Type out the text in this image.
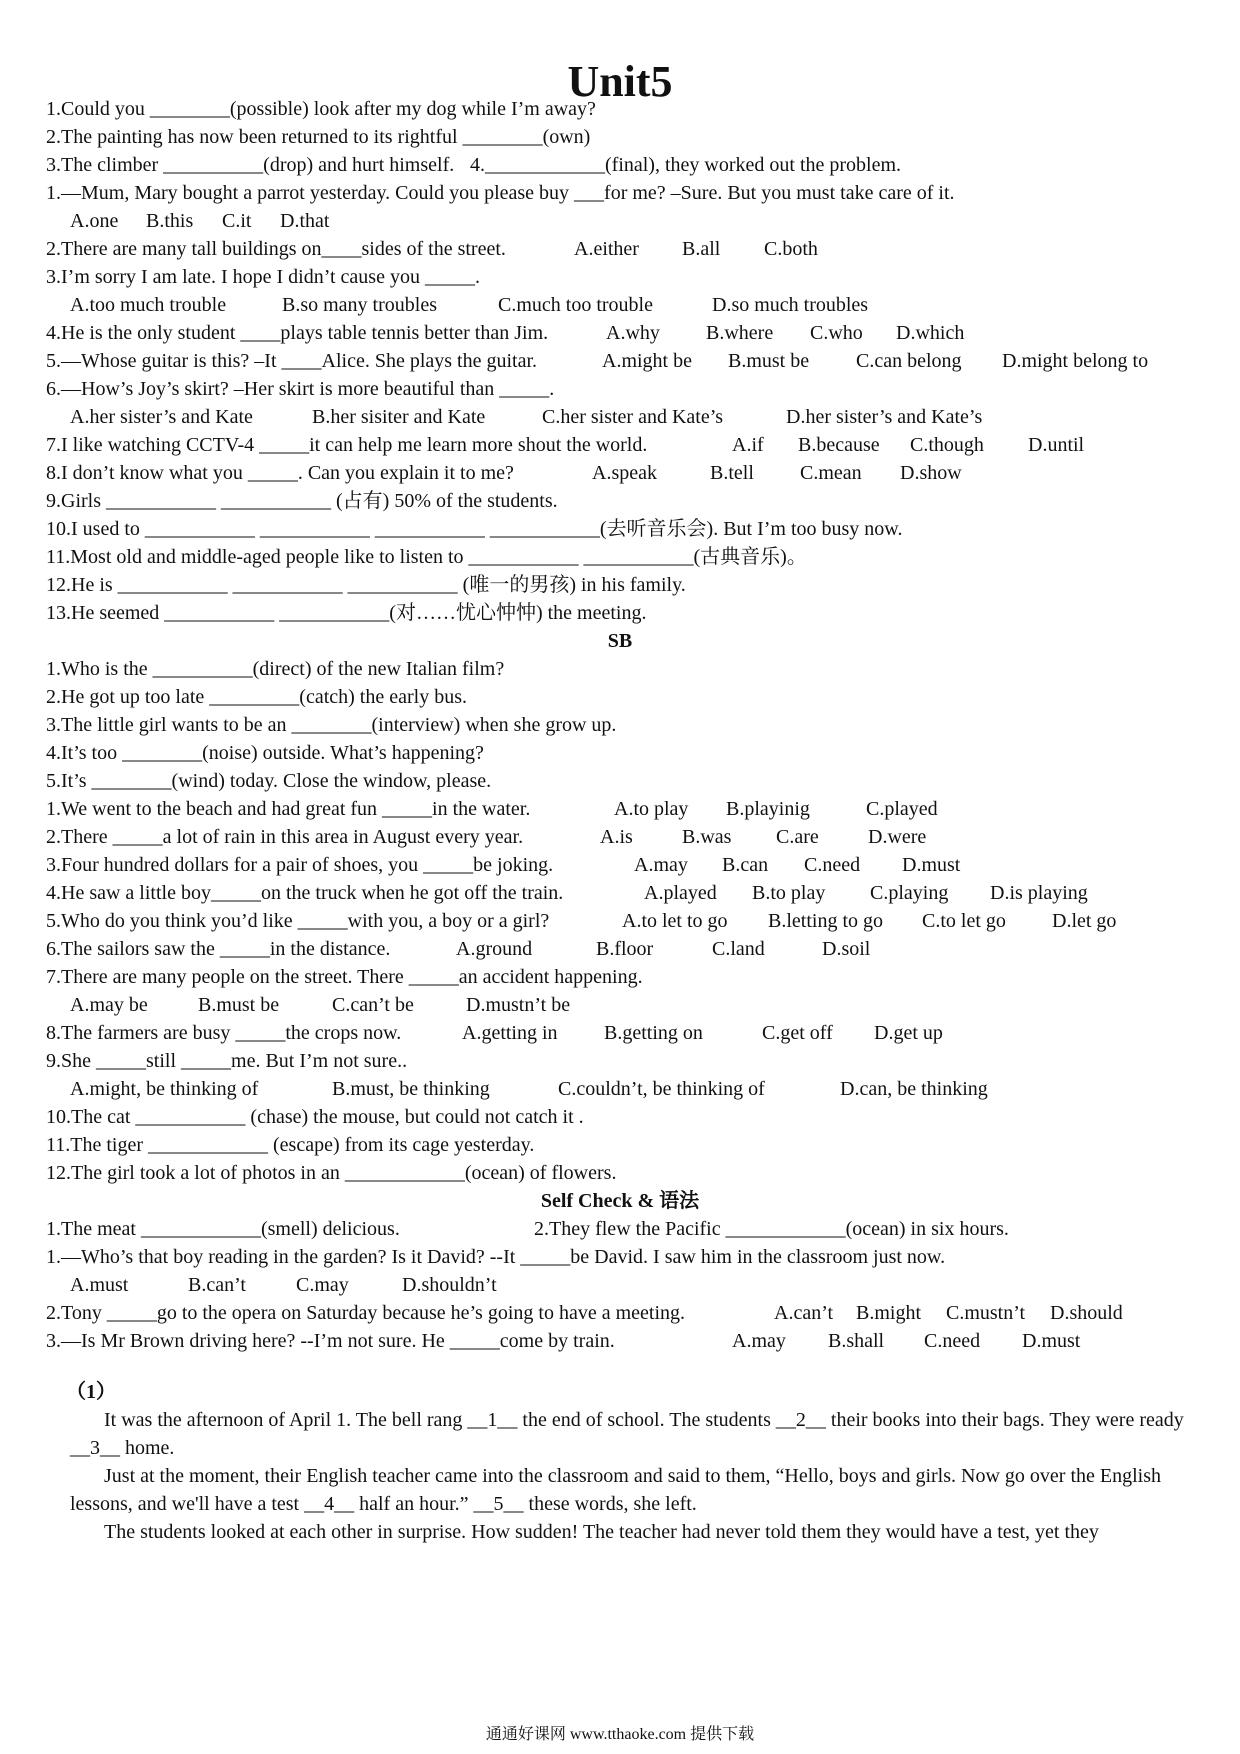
Unit5
1.Could you ________(possible) look after my dog while I’m away?
2.The painting has now been returned to its rightful ________(own)
3.The climber __________(drop) and hurt himself. 4.____________(final), they worked out the problem.
1.—Mum, Mary bought a parrot yesterday. Could you please buy ___for me? –Sure. But you must take care of it.
A.one B.this C.it D.that
2.There are many tall buildings on____sides of the street.	A.either B.all C.both
3.I’m sorry I am late. I hope I didn’t cause you _____.
A.too much trouble	B.so many troubles	C.much too trouble	D.so much troubles
4.He is the only student ____plays table tennis better than Jim.	A.why B.where C.who D.which
5.—Whose guitar is this? –It ____Alice. She plays the guitar.	A.might be B.must be C.can belong D.might belong to
6.—How’s Joy’s skirt? –Her skirt is more beautiful than _____.
A.her sister’s and Kate	B.her sisiter and Kate	C.her sister and Kate’s	D.her sister’s and Kate’s
7.I like watching CCTV-4 _____it can help me learn more shout the world.	A.if B.because C.though D.until
8.I don’t know what you _____. Can you explain it to me?	A.speak	B.tell C.mean D.show
9.Girls ___________ ___________ (占有) 50% of the students.
10.I used to ___________ ___________ ___________ ___________(去听音乐会). But I’m too busy now.
11.Most old and middle-aged people like to listen to ___________ ___________(古典音乐)。
12.He is ___________ ___________ ___________ (唯一的男孩) in his family.
13.He seemed ___________ ___________(对……忧心忡忡) the meeting.
SB
1.Who is the __________(direct) of the new Italian film?
2.He got up too late _________(catch) the early bus.
3.The little girl wants to be an ________(interview) when she grow up.
4.It’s too ________(noise) outside. What’s happening?
5.It’s ________(wind) today. Close the window, please.
1.We went to the beach and had great fun _____in the water.	A.to play B.playinig	C.played
2.There _____a lot of rain in this area in August every year.	A.is B.was C.are D.were
3.Four hundred dollars for a pair of shoes, you _____be joking.	A.may B.can C.need D.must
4.He saw a little boy_____on the truck when he got off the train.	A.played B.to play C.playing D.is playing
5.Who do you think you’d like _____with you, a boy or a girl?	A.to let to go B.letting to go C.to let go D.let go
6.The sailors saw the _____in the distance.	A.ground	B.floor	C.land	D.soil
7.There are many people on the street. There _____an accident happening.
A.may be	B.must be	C.can’t be	D.mustn’t be
8.The farmers are busy _____the crops now.	A.getting in B.getting on	C.get off D.get up
9.She _____still _____me. But I’m not sure..
A.might, be thinking of	B.must, be thinking	C.couldn’t, be thinking of	D.can, be thinking
10.The cat ___________ (chase) the mouse, but could not catch it .
11.The tiger ____________ (escape) from its cage yesterday.
12.The girl took a lot of photos in an ____________(ocean) of flowers.
Self Check & 语法
1.The meat ____________(smell) delicious.	2.They flew the Pacific ____________(ocean) in six hours.
1.—Who’s that boy reading in the garden? Is it David? --It _____be David. I saw him in the classroom just now.
A.must	B.can’t	C.may	D.shouldn’t
2.Tony _____go to the opera on Saturday because he’s going to have a meeting.	A.can’t B.might C.mustn’t D.should
3.—Is Mr Brown driving here? --I’m not sure. He _____come by train.	A.may B.shall C.need D.must
（1）

It was the afternoon of April 1. The bell rang __1__ the end of school. The students __2__ their books into their bags. They were ready __3__ home.

Just at the moment, their English teacher came into the classroom and said to them, “Hello, boys and girls. Now go over the English lessons, and we'll have a test __4__ half an hour.” __5__ these words, she left.

The students looked at each other in surprise. How sudden! The teacher had never told them they would have a test, yet they

通通好课网 www.tthaoke.com 提供下载
